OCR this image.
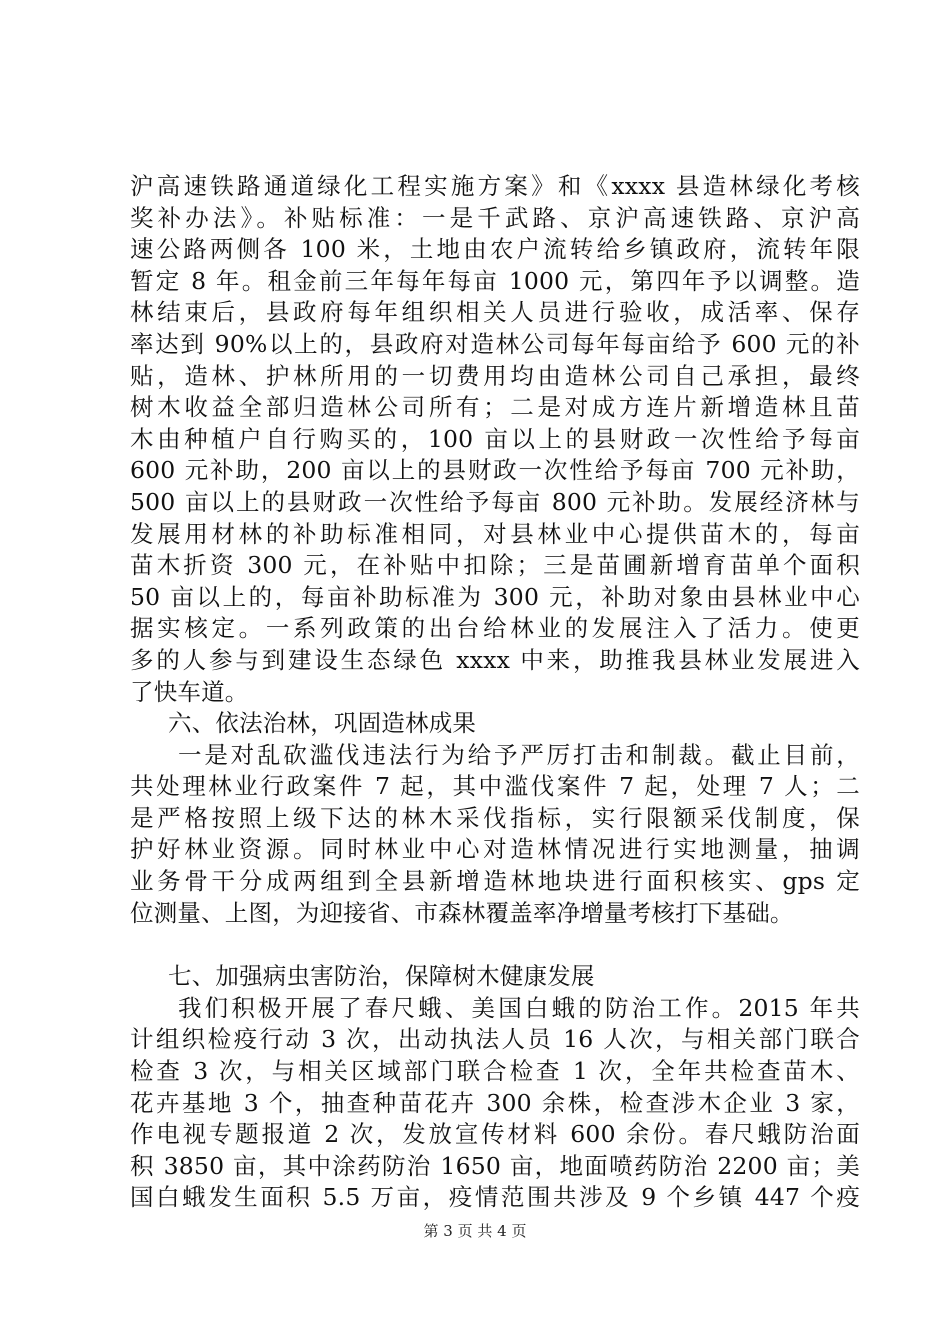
沪高速铁路通道绿化工程实施方案》和《xxxx 县造林绿化考核
奖补办法》。补贴标准：一是千武路、京沪高速铁路、京沪高
速公路两侧各 100 米，土地由农户流转给乡镇政府，流转年限
暂定 8 年。租金前三年每年每亩 1000 元，第四年予以调整。造
林结束后，县政府每年组织相关人员进行验收，成活率、保存
率达到 90%以上的，县政府对造林公司每年每亩给予 600 元的补
贴，造林、护林所用的一切费用均由造林公司自己承担，最终
树木收益全部归造林公司所有；二是对成方连片新增造林且苗
木由种植户自行购买的，100 亩以上的县财政一次性给予每亩
600 元补助，200 亩以上的县财政一次性给予每亩 700 元补助，
500 亩以上的县财政一次性给予每亩 800 元补助。发展经济林与
发展用材林的补助标准相同，对县林业中心提供苗木的，每亩
苗木折资 300 元，在补贴中扣除；三是苗圃新增育苗单个面积
50 亩以上的，每亩补助标准为 300 元，补助对象由县林业中心
据实核定。一系列政策的出台给林业的发展注入了活力。使更
多的人参与到建设生态绿色 xxxx 中来，助推我县林业发展进入
了快车道。
六、依法治林，巩固造林成果
一是对乱砍滥伐违法行为给予严厉打击和制裁。截止目前，
共处理林业行政案件 7 起，其中滥伐案件 7 起，处理 7 人；二
是严格按照上级下达的林木采伐指标，实行限额采伐制度，保
护好林业资源。同时林业中心对造林情况进行实地测量，抽调
业务骨干分成两组到全县新增造林地块进行面积核实、gps 定
位测量、上图，为迎接省、市森林覆盖率净增量考核打下基础。
七、加强病虫害防治，保障树木健康发展
我们积极开展了春尺蛾、美国白蛾的防治工作。2015 年共
计组织检疫行动 3 次，出动执法人员 16 人次，与相关部门联合
检查 3 次，与相关区域部门联合检查 1 次，全年共检查苗木、
花卉基地 3 个，抽查种苗花卉 300 余株，检查涉木企业 3 家，
作电视专题报道 2 次，发放宣传材料 600 余份。春尺蛾防治面
积 3850 亩，其中涂药防治 1650 亩，地面喷药防治 2200 亩；美
国白蛾发生面积 5.5 万亩，疫情范围共涉及 9 个乡镇 447 个疫
第 3 页 共 4 页
